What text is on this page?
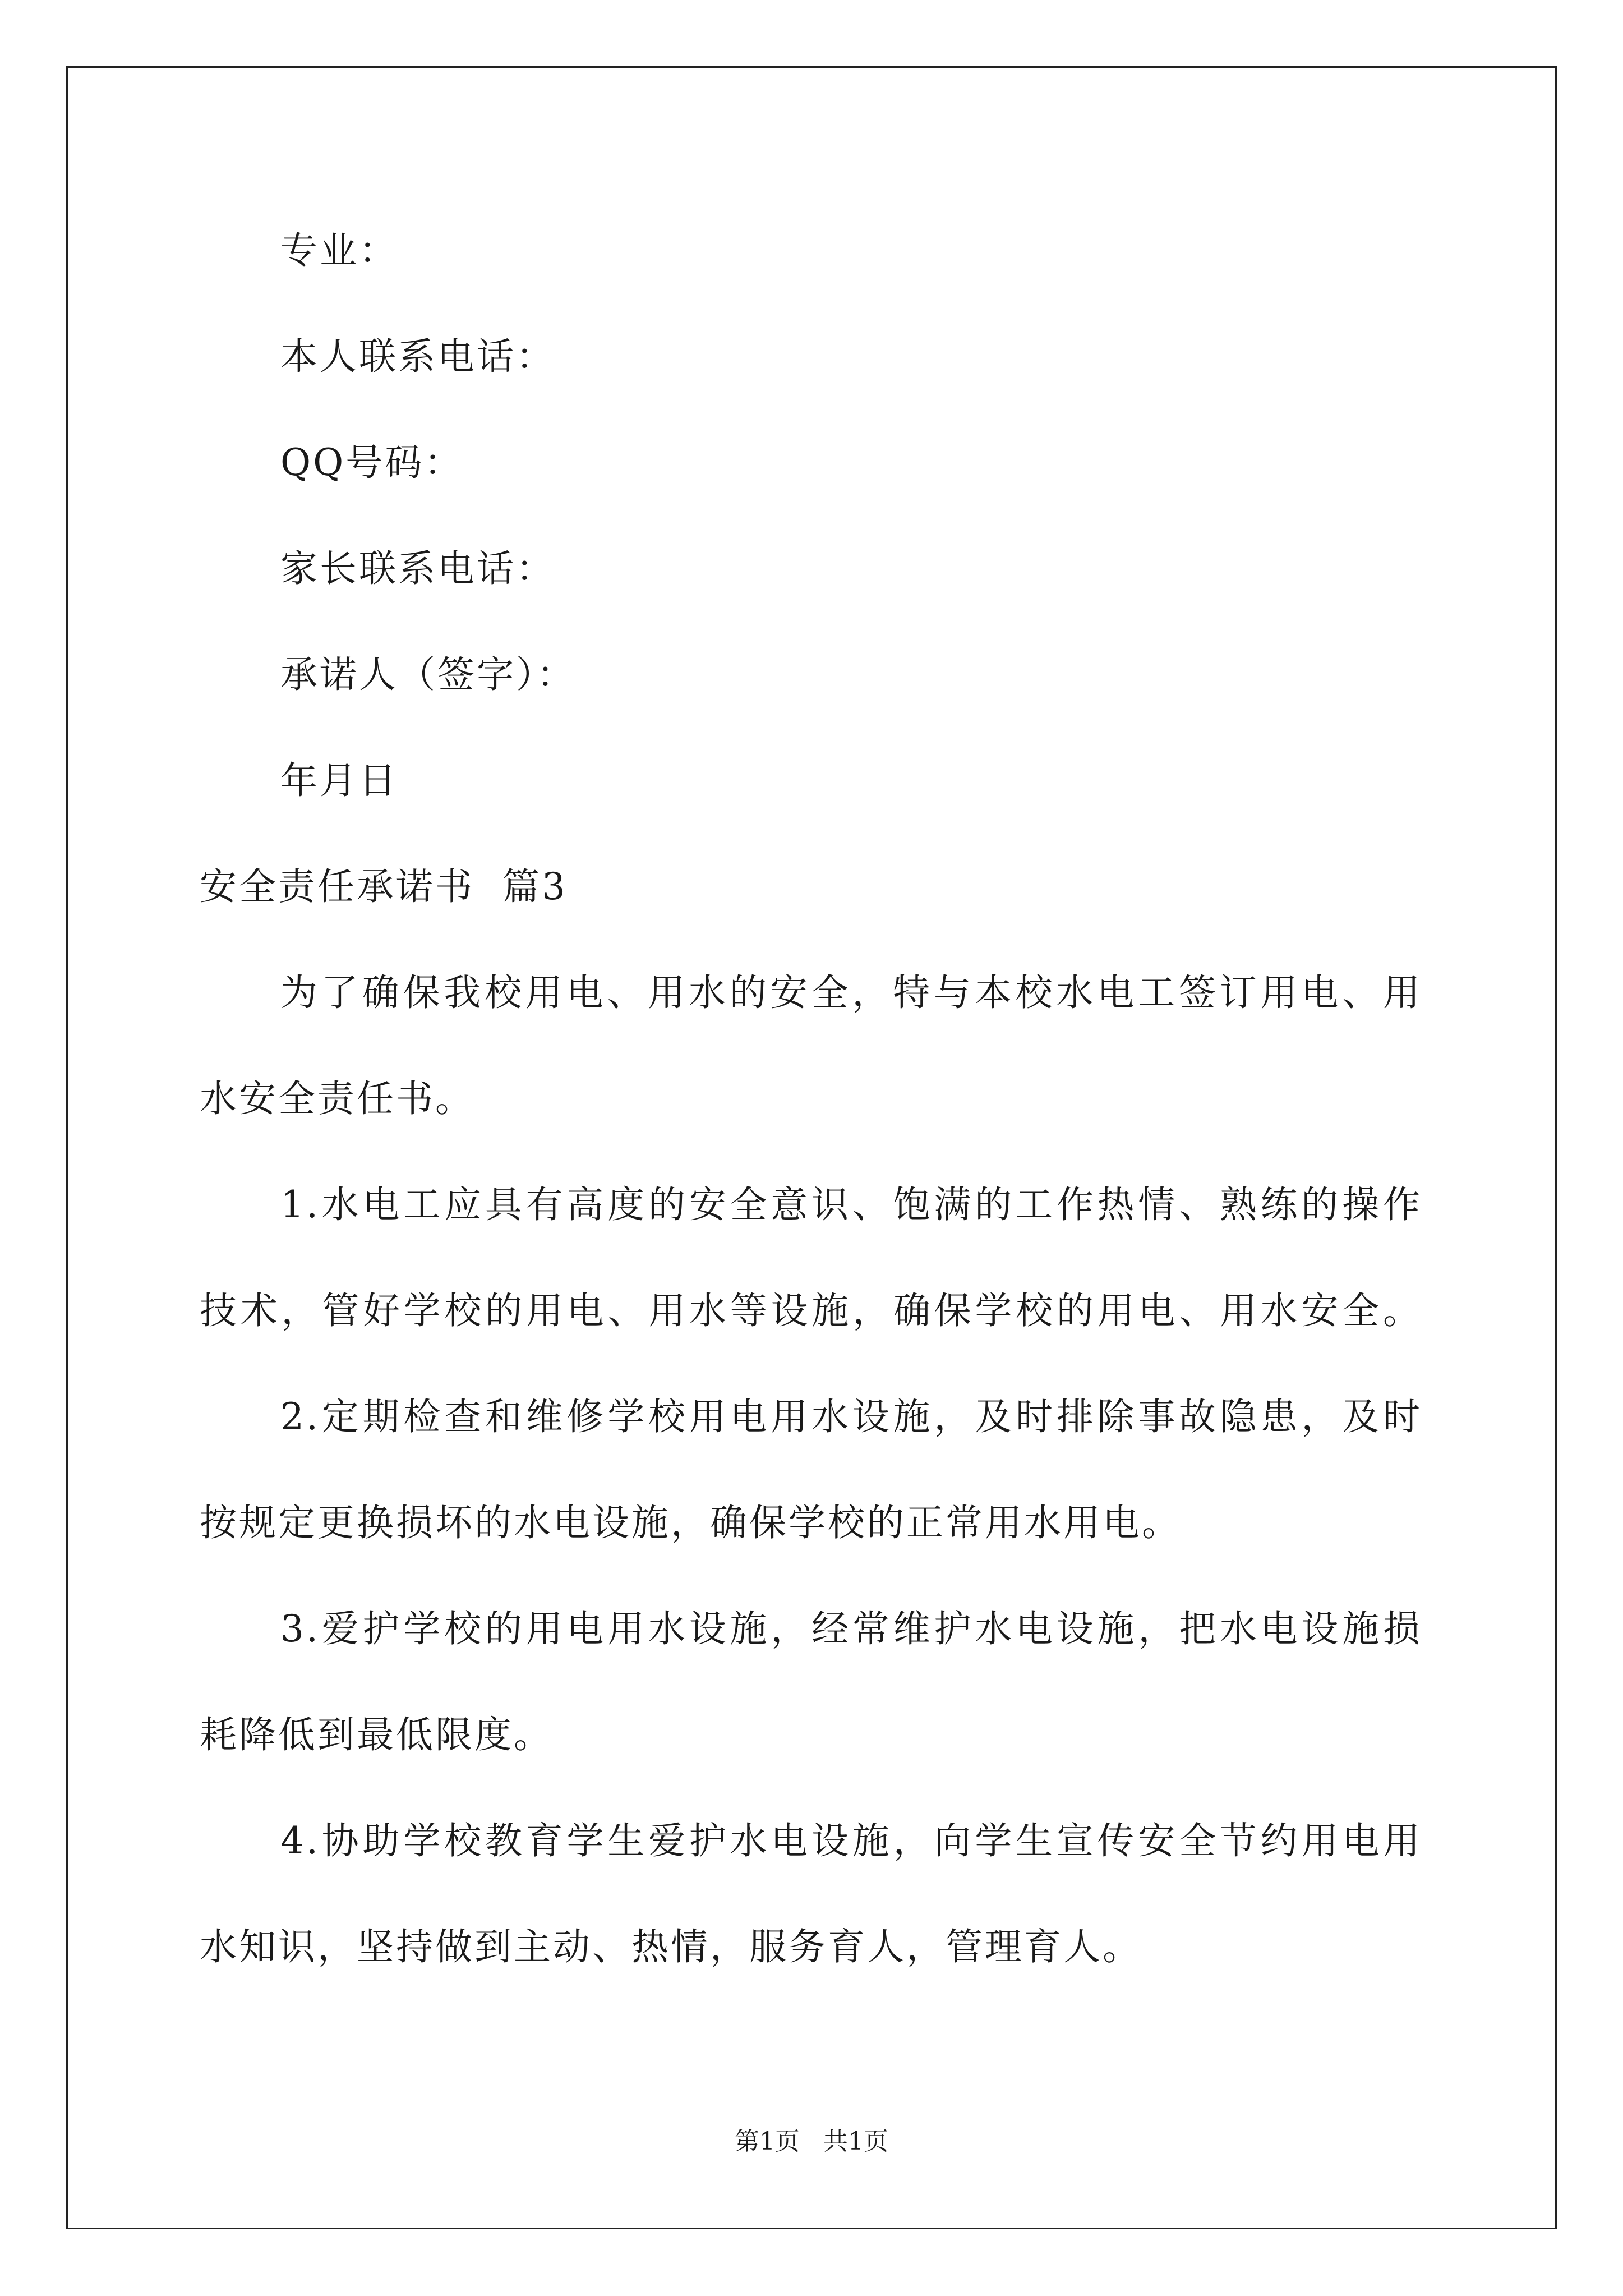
专业：

本人联系电话：

QQ号码：

家长联系电话：

承诺人（签字）：

年月日

安全责任承诺书  篇3

为了确保我校用电、用水的安全，特与本校水电工签订用电、用

水安全责任书。

1.水电工应具有高度的安全意识、饱满的工作热情、熟练的操作

技术，管好学校的用电、用水等设施，确保学校的用电、用水安全。

2.定期检查和维修学校用电用水设施，及时排除事故隐患，及时

按规定更换损坏的水电设施，确保学校的正常用水用电。

3.爱护学校的用电用水设施，经常维护水电设施，把水电设施损

耗降低到最低限度。

4.协助学校教育学生爱护水电设施，向学生宣传安全节约用电用

水知识，坚持做到主动、热情，服务育人，管理育人。

第1页   共1页
